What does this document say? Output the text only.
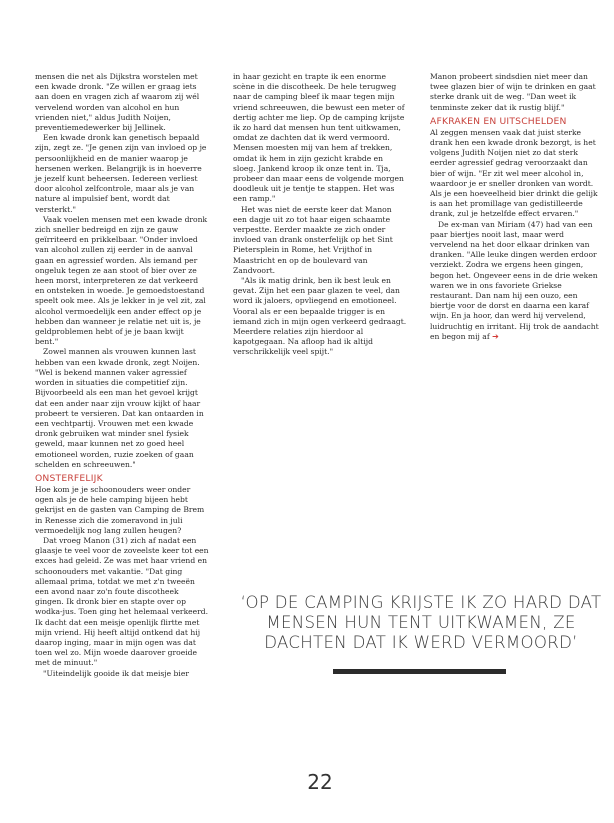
mensen die net als Dijkstra worstelen met een kwade dronk. "Ze willen er graag iets aan doen en vragen zich af waarom zij wél vervelend worden van alcohol en hun vrienden niet," aldus Judith Noijen, preventiemedewerker bij Jellinek.

Een kwade dronk kan genetisch bepaald zijn, zegt ze. "Je genen zijn van invloed op je persoonlijkheid en de manier waarop je hersenen werken. Belangrijk is in hoeverre je jezelf kunt beheersen. Iedereen verliest door alcohol zelfcontrole, maar als je van nature al impulsief bent, wordt dat versterkt."

Vaak voelen mensen met een kwade dronk zich sneller bedreigd en zijn ze gauw geïrriteerd en prikkelbaar. "Onder invloed van alcohol zullen zij eerder in de aanval gaan en agressief worden. Als iemand per ongeluk tegen ze aan stoot of bier over ze heen morst, interpreteren ze dat verkeerd en ontsteken in woede. Je gemoedstoestand speelt ook mee. Als je lekker in je vel zit, zal alcohol vermoedelijk een ander effect op je hebben dan wanneer je relatie net uit is, je geldproblemen hebt of je je baan kwijt bent."

Zowel mannen als vrouwen kunnen last hebben van een kwade dronk, zegt Noijen. "Wel is bekend mannen vaker agressief worden in situaties die competitief zijn. Bijvoorbeeld als een man het gevoel krijgt dat een ander naar zijn vrouw kijkt of haar probeert te versieren. Dat kan ontaarden in een vechtpartij. Vrouwen met een kwade dronk gebruiken wat minder snel fysiek geweld, maar kunnen net zo goed heel emotioneel worden, ruzie zoeken of gaan schelden en schreeuwen."

ONSTERFELIJK

Hoe kom je je schoonouders weer onder ogen als je de hele camping bijeen hebt gekrijst en de gasten van Camping de Brem in Renesse zich die zomeravond in juli vermoedelijk nog lang zullen heugen?

Dat vroeg Manon (31) zich af nadat een glaasje te veel voor de zoveelste keer tot een exces had geleid. Ze was met haar vriend en schoonouders met vakantie. "Dat ging allemaal prima, totdat we met z'n tweeën een avond naar zo'n foute discotheek gingen. Ik dronk bier en stapte over op wodka-jus. Toen ging het helemaal verkeerd. Ik dacht dat een meisje openlijk flirtte met mijn vriend. Hij heeft altijd ontkend dat hij daarop inging, maar in mijn ogen was dat toen wel zo. Mijn woede daarover groeide met de minuut."

"Uiteindelijk gooide ik dat meisje bier

in haar gezicht en trapte ik een enorme scène in die discotheek. De hele terugweg naar de camping bleef ik maar tegen mijn vriend schreeuwen, die bewust een meter of dertig achter me liep. Op de camping krijste ik zo hard dat mensen hun tent uitkwamen, omdat ze dachten dat ik werd vermoord. Mensen moesten mij van hem af trekken, omdat ik hem in zijn gezicht krabde en sloeg. Jankend kroop ik onze tent in. Tja, probeer dan maar eens de volgende morgen doodleuk uit je tentje te stappen. Het was een ramp."

Het was niet de eerste keer dat Manon een dagje uit zo tot haar eigen schaamte verpestte. Eerder maakte ze zich onder invloed van drank onsterfelijk op het Sint Pietersplein in Rome, het Vrijthof in Maastricht en op de boulevard van Zandvoort.

"Als ik matig drink, ben ik best leuk en gevat. Zijn het een paar glazen te veel, dan word ik jaloers, opvliegend en emotioneel. Vooral als er een bepaalde trigger is en iemand zich in mijn ogen verkeerd gedraagt. Meerdere relaties zijn hierdoor al kapotgegaan. Na afloop had ik altijd verschrikkelijk veel spijt."

Manon probeert sindsdien niet meer dan twee glazen bier of wijn te drinken en gaat sterke drank uit de weg. "Dan weet ik tenminste zeker dat ik rustig blijf."

AFKRAKEN EN UITSCHELDEN

Al zeggen mensen vaak dat juist sterke drank hen een kwade dronk bezorgt, is het volgens Judith Noijen niet zo dat sterk eerder agressief gedrag veroorzaakt dan bier of wijn. "Er zit wel meer alcohol in, waardoor je er sneller dronken van wordt. Als je een hoeveelheid bier drinkt die gelijk is aan het promillage van gedistilleerde drank, zul je hetzelfde effect ervaren."

De ex-man van Miriam (47) had van een paar biertjes nooit last, maar werd vervelend na het door elkaar drinken van dranken. "Alle leuke dingen werden erdoor verziekt. Zodra we ergens heen gingen, begon het. Ongeveer eens in de drie weken waren we in ons favoriete Griekse restaurant. Dan nam hij een ouzo, een biertje voor de dorst en daarna een karaf wijn. En ja hoor, dan werd hij vervelend, luidruchtig en irritant. Hij trok de aandacht en begon mij af ➔

‘OP DE CAMPING KRIJSTE IK ZO HARD DAT MENSEN HUN TENT UITKWAMEN, ZE DACHTEN DAT IK WERD VERMOORD’

22
